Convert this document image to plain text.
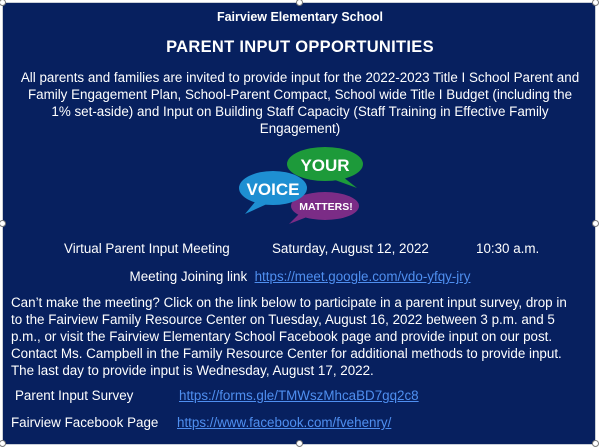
Fairview Elementary School
PARENT INPUT OPPORTUNITIES
All parents and families are invited to provide input for the 2022-2023 Title I School Parent and
Family Engagement Plan, School-Parent Compact, School wide Title I Budget (including the
1% set-aside) and Input on Building Staff Capacity (Staff Training in Effective Family
Engagement)
YOUR
MATTERS!
VOICE
Virtual Parent Input Meeting	Saturday, August 12, 2022	10:30 a.m.
Meeting Joining link https://meet.google.com/vdo-yfqy-jry
Can’t make the meeting? Click on the link below to participate in a parent input survey, drop in
to the Fairview Family Resource Center on Tuesday, August 16, 2022 between 3 p.m. and 5
p.m., or visit the Fairview Elementary School Facebook page and provide input on our post.
Contact Ms. Campbell in the Family Resource Center for additional methods to provide input.
The last day to provide input is Wednesday, August 17, 2022.
Parent Input Survey	https://forms.gle/TMWszMhcaBD7gq2c8
Fairview Facebook Page https://www.facebook.com/fvehenry/
